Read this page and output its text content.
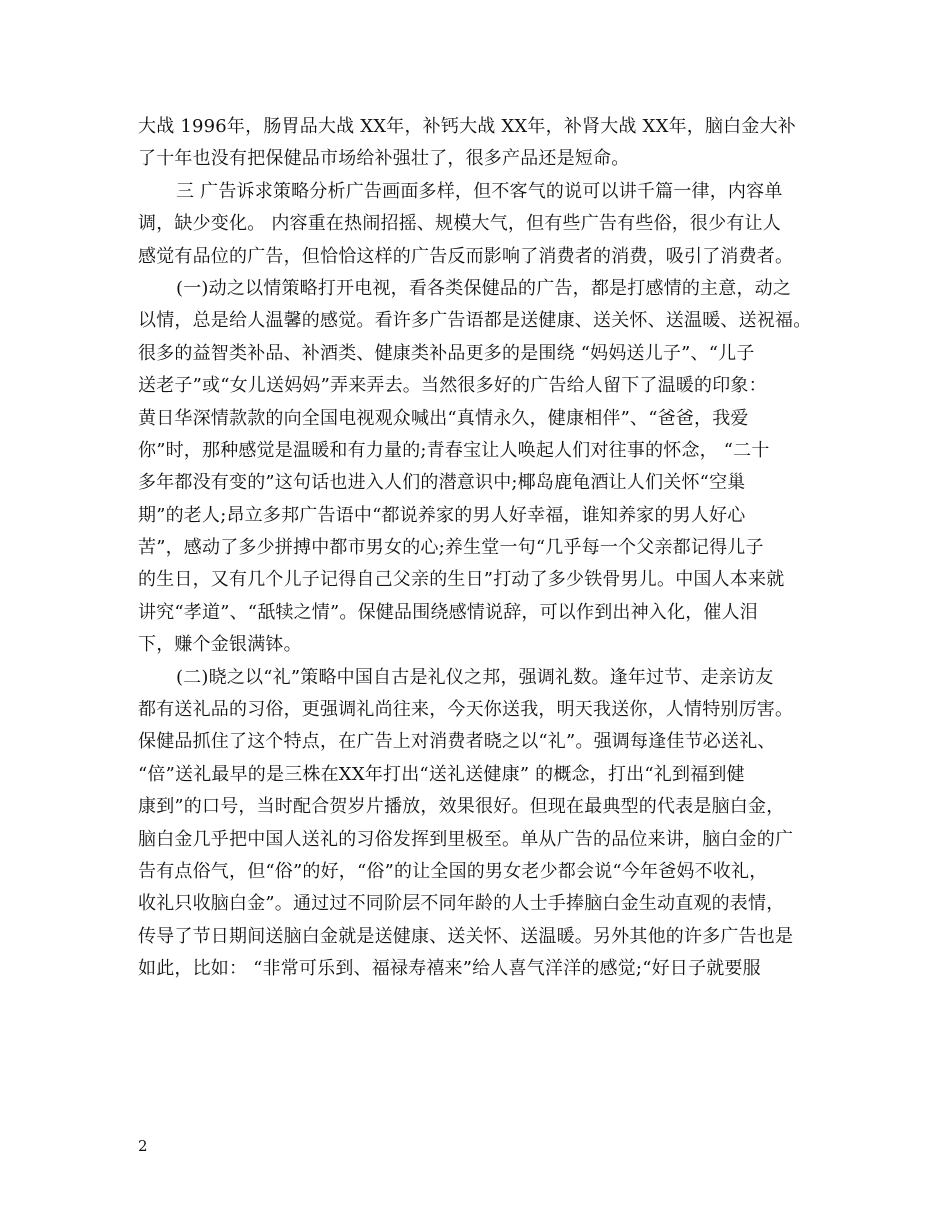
大战 1996年，肠胃品大战 XX年，补钙大战 XX年，补肾大战 XX年，脑白金大补
了十年也没有把保健品市场给补强壮了，很多产品还是短命。
三 广告诉求策略分析广告画面多样，但不客气的说可以讲千篇一律，内容单
调，缺少变化。 内容重在热闹招摇、规模大气，但有些广告有些俗，很少有让人
感觉有品位的广告，但恰恰这样的广告反而影响了消费者的消费，吸引了消费者。
(一)动之以情策略打开电视，看各类保健品的广告，都是打感情的主意，动之
以情，总是给人温馨的感觉。看许多广告语都是送健康、送关怀、送温暖、送祝福。
很多的益智类补品、补酒类、健康类补品更多的是围绕 “妈妈送儿子”、“儿子
送老子”或“女儿送妈妈”弄来弄去。当然很多好的广告给人留下了温暖的印象：
黄日华深情款款的向全国电视观众喊出“真情永久，健康相伴”、“爸爸，我爱
你”时，那种感觉是温暖和有力量的;青春宝让人唤起人们对往事的怀念， “二十
多年都没有变的”这句话也进入人们的潜意识中;椰岛鹿龟酒让人们关怀“空巢
期”的老人;昂立多邦广告语中“都说养家的男人好幸福，谁知养家的男人好心
苦”，感动了多少拼搏中都市男女的心;养生堂一句“几乎每一个父亲都记得儿子
的生日，又有几个儿子记得自己父亲的生日”打动了多少铁骨男儿。中国人本来就
讲究“孝道”、“舐犊之情”。保健品围绕感情说辞，可以作到出神入化，催人泪
下，赚个金银满钵。
(二)晓之以“礼”策略中国自古是礼仪之邦，强调礼数。逢年过节、走亲访友
都有送礼品的习俗，更强调礼尚往来，今天你送我，明天我送你，人情特别厉害。
保健品抓住了这个特点，在广告上对消费者晓之以“礼”。强调每逢佳节必送礼、
“倍”送礼最早的是三株在XX年打出“送礼送健康” 的概念，打出“礼到福到健
康到”的口号，当时配合贺岁片播放，效果很好。但现在最典型的代表是脑白金，
脑白金几乎把中国人送礼的习俗发挥到里极至。单从广告的品位来讲，脑白金的广
告有点俗气，但“俗”的好，“俗”的让全国的男女老少都会说“今年爸妈不收礼，
收礼只收脑白金”。通过过不同阶层不同年龄的人士手捧脑白金生动直观的表情，
传导了节日期间送脑白金就是送健康、送关怀、送温暖。另外其他的许多广告也是
如此，比如： “非常可乐到、福禄寿禧来”给人喜气洋洋的感觉;“好日子就要服
2
